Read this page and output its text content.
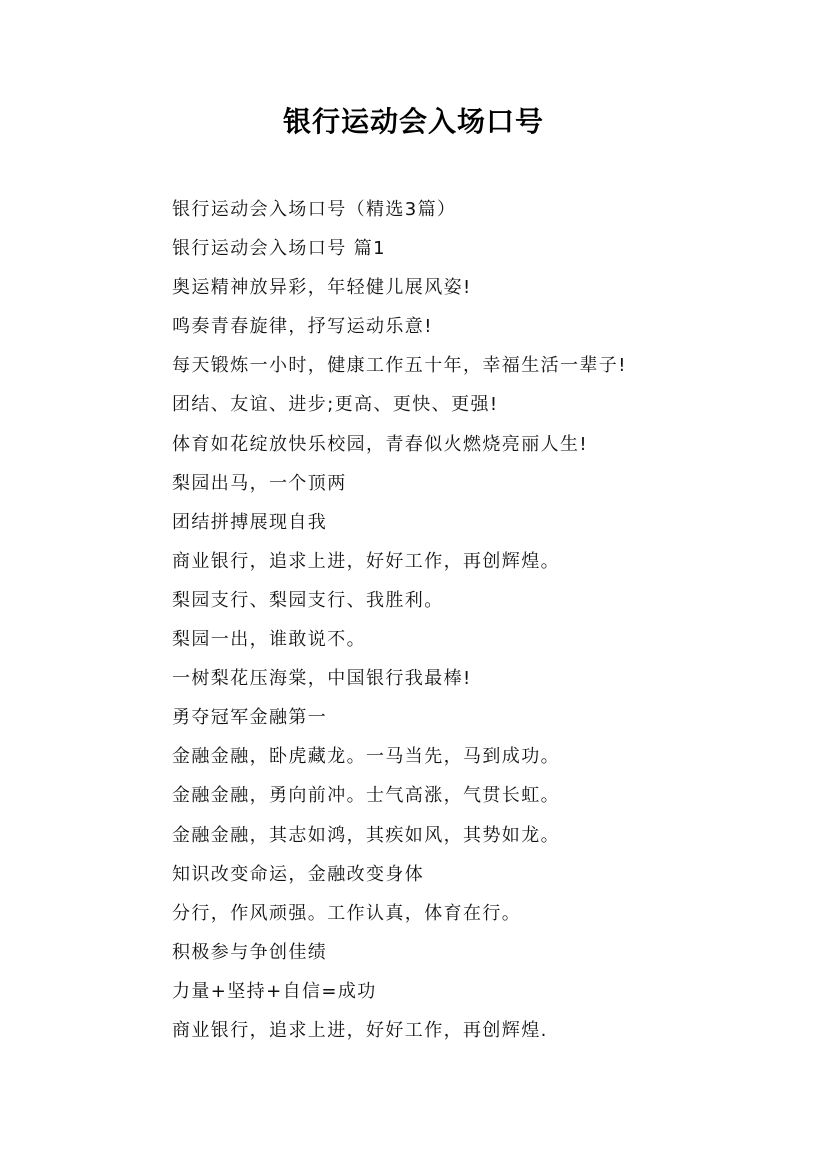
银行运动会入场口号
银行运动会入场口号（精选3篇）
银行运动会入场口号 篇1
奥运精神放异彩，年轻健儿展风姿!
鸣奏青春旋律，抒写运动乐意!
每天锻炼一小时，健康工作五十年，幸福生活一辈子!
团结、友谊、进步;更高、更快、更强!
体育如花绽放快乐校园，青春似火燃烧亮丽人生!
梨园出马，一个顶两
团结拼搏展现自我
商业银行，追求上进，好好工作，再创辉煌。
梨园支行、梨园支行、我胜利。
梨园一出，谁敢说不。
一树梨花压海棠，中国银行我最棒!
勇夺冠军金融第一
金融金融，卧虎藏龙。一马当先，马到成功。
金融金融，勇向前冲。士气高涨，气贯长虹。
金融金融，其志如鸿，其疾如风，其势如龙。
知识改变命运，金融改变身体
分行，作风顽强。工作认真，体育在行。
积极参与争创佳绩
力量+坚持+自信=成功
商业银行，追求上进，好好工作，再创辉煌.
